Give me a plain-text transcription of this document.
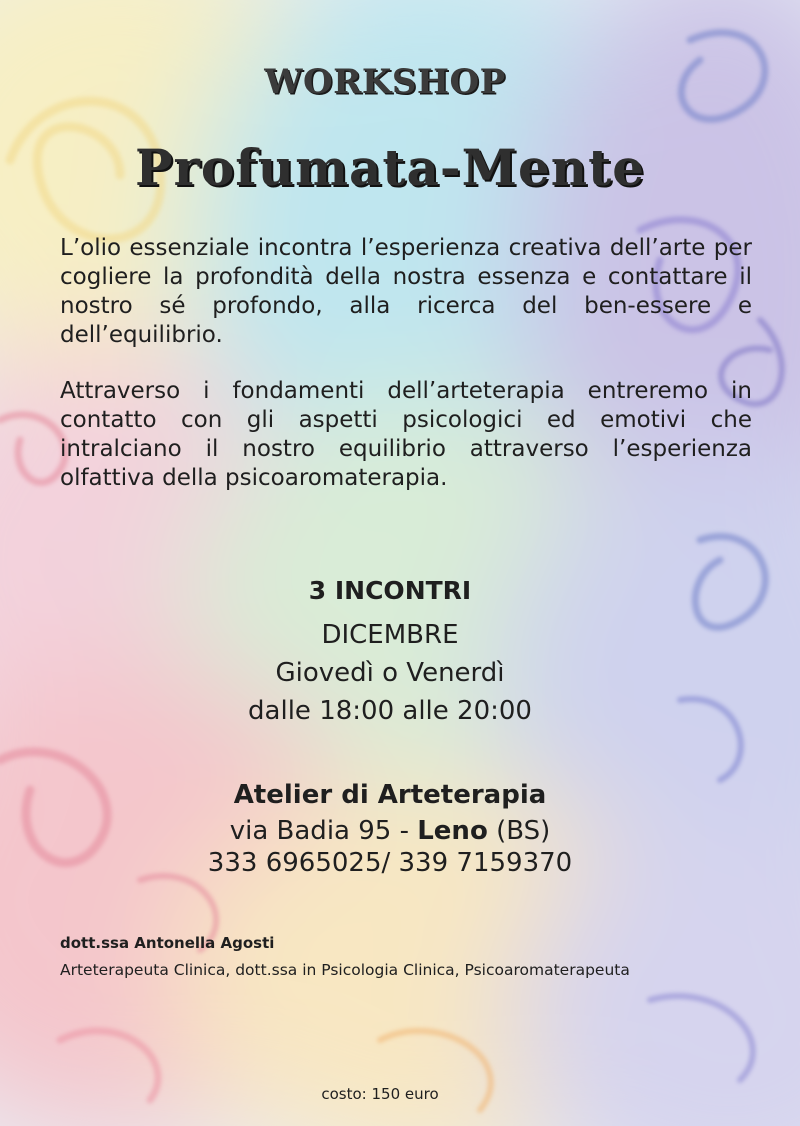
WORKSHOP
Profumata-Mente
L’olio essenziale incontra l’esperienza creativa dell’arte per cogliere la profondità della nostra essenza e contattare il nostro sé profondo, alla ricerca del ben-essere e dell’equilibrio.
Attraverso i fondamenti dell’arteterapia entreremo in contatto con gli aspetti psicologici ed emotivi che intralciano il nostro equilibrio attraverso l’esperienza olfattiva della psicoaromaterapia.
3 INCONTRI
DICEMBRE
Giovedì o Venerdì
dalle 18:00 alle 20:00
Atelier di Arteterapia
via Badia 95 - Leno (BS)
333 6965025/ 339 7159370
dott.ssa Antonella Agosti
Arteterapeuta Clinica, dott.ssa in Psicologia Clinica, Psicoaromaterapeuta
costo: 150 euro
